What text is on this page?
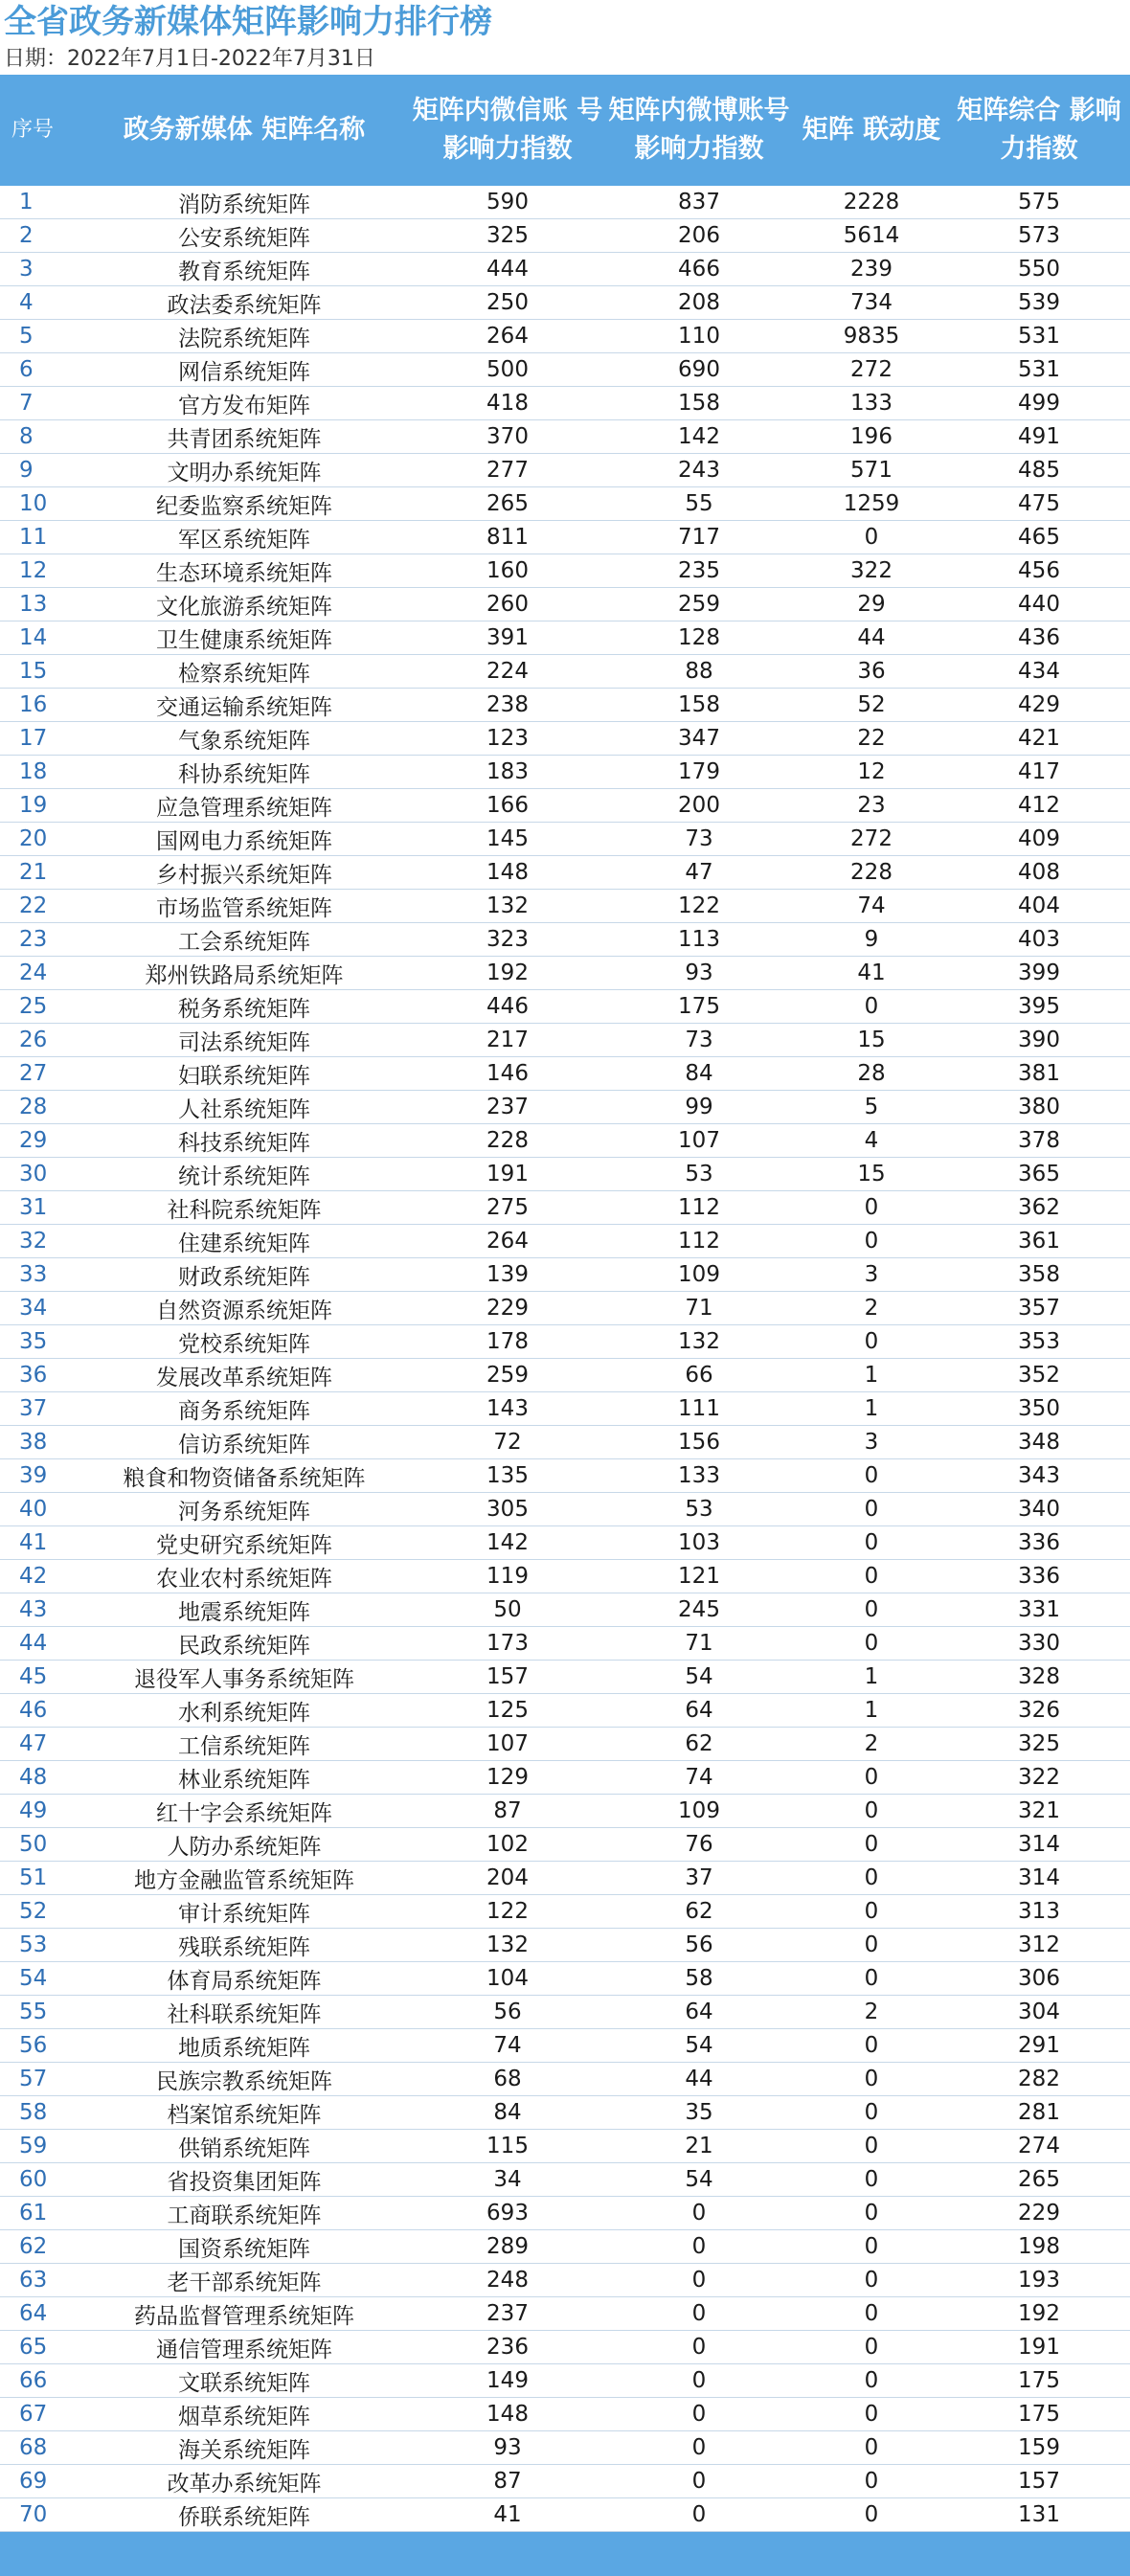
全省政务新媒体矩阵影响力排行榜
日期：2022年7月1日-2022年7月31日
序号	政务新媒体 矩阵名称	矩阵内微信账 号影响力指数	矩阵内微博账号 影响力指数	矩阵 联动度	矩阵综合 影响力指数
1	消防系统矩阵	590	837	2228	575
2	公安系统矩阵	325	206	5614	573
3	教育系统矩阵	444	466	239	550
4	政法委系统矩阵	250	208	734	539
5	法院系统矩阵	264	110	9835	531
6	网信系统矩阵	500	690	272	531
7	官方发布矩阵	418	158	133	499
8	共青团系统矩阵	370	142	196	491
9	文明办系统矩阵	277	243	571	485
10	纪委监察系统矩阵	265	55	1259	475
11	军区系统矩阵	811	717	0	465
12	生态环境系统矩阵	160	235	322	456
13	文化旅游系统矩阵	260	259	29	440
14	卫生健康系统矩阵	391	128	44	436
15	检察系统矩阵	224	88	36	434
16	交通运输系统矩阵	238	158	52	429
17	气象系统矩阵	123	347	22	421
18	科协系统矩阵	183	179	12	417
19	应急管理系统矩阵	166	200	23	412
20	国网电力系统矩阵	145	73	272	409
21	乡村振兴系统矩阵	148	47	228	408
22	市场监管系统矩阵	132	122	74	404
23	工会系统矩阵	323	113	9	403
24	郑州铁路局系统矩阵	192	93	41	399
25	税务系统矩阵	446	175	0	395
26	司法系统矩阵	217	73	15	390
27	妇联系统矩阵	146	84	28	381
28	人社系统矩阵	237	99	5	380
29	科技系统矩阵	228	107	4	378
30	统计系统矩阵	191	53	15	365
31	社科院系统矩阵	275	112	0	362
32	住建系统矩阵	264	112	0	361
33	财政系统矩阵	139	109	3	358
34	自然资源系统矩阵	229	71	2	357
35	党校系统矩阵	178	132	0	353
36	发展改革系统矩阵	259	66	1	352
37	商务系统矩阵	143	111	1	350
38	信访系统矩阵	72	156	3	348
39	粮食和物资储备系统矩阵	135	133	0	343
40	河务系统矩阵	305	53	0	340
41	党史研究系统矩阵	142	103	0	336
42	农业农村系统矩阵	119	121	0	336
43	地震系统矩阵	50	245	0	331
44	民政系统矩阵	173	71	0	330
45	退役军人事务系统矩阵	157	54	1	328
46	水利系统矩阵	125	64	1	326
47	工信系统矩阵	107	62	2	325
48	林业系统矩阵	129	74	0	322
49	红十字会系统矩阵	87	109	0	321
50	人防办系统矩阵	102	76	0	314
51	地方金融监管系统矩阵	204	37	0	314
52	审计系统矩阵	122	62	0	313
53	残联系统矩阵	132	56	0	312
54	体育局系统矩阵	104	58	0	306
55	社科联系统矩阵	56	64	2	304
56	地质系统矩阵	74	54	0	291
57	民族宗教系统矩阵	68	44	0	282
58	档案馆系统矩阵	84	35	0	281
59	供销系统矩阵	115	21	0	274
60	省投资集团矩阵	34	54	0	265
61	工商联系统矩阵	693	0	0	229
62	国资系统矩阵	289	0	0	198
63	老干部系统矩阵	248	0	0	193
64	药品监督管理系统矩阵	237	0	0	192
65	通信管理系统矩阵	236	0	0	191
66	文联系统矩阵	149	0	0	175
67	烟草系统矩阵	148	0	0	175
68	海关系统矩阵	93	0	0	159
69	改革办系统矩阵	87	0	0	157
70	侨联系统矩阵	41	0	0	131
